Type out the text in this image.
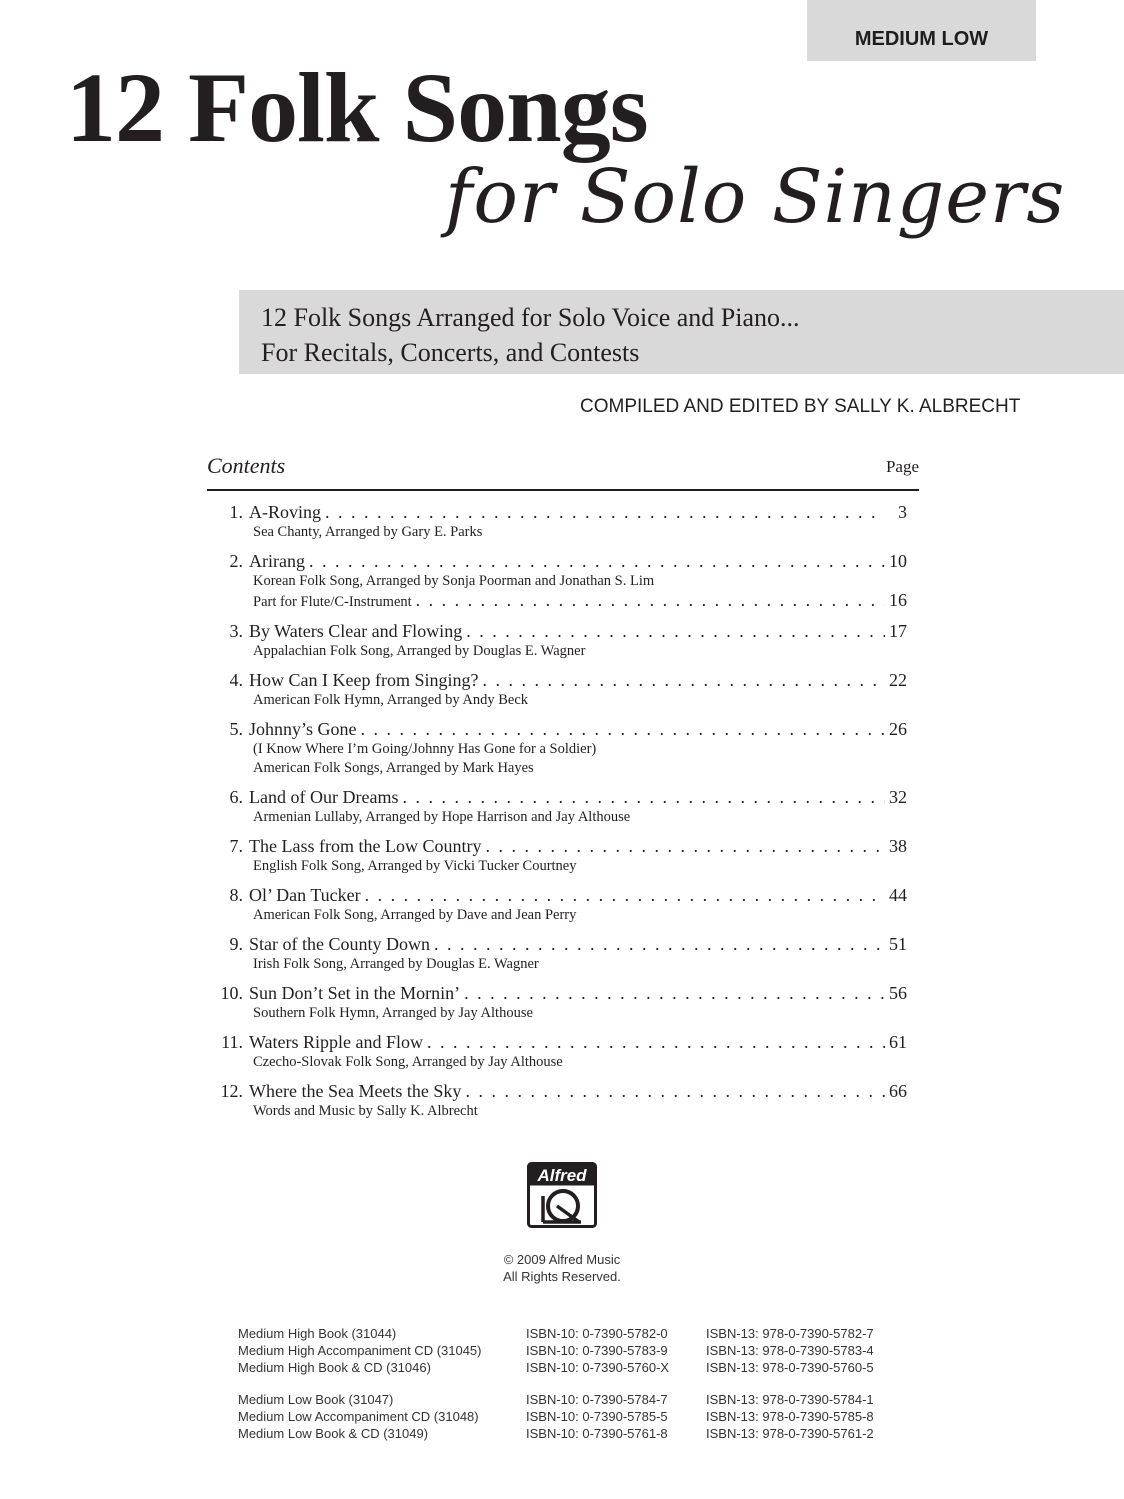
MEDIUM LOW
12 Folk Songs
for Solo Singers
12 Folk Songs Arranged for Solo Voice and Piano...
For Recitals, Concerts, and Contests
COMPILED AND EDITED BY SALLY K. ALBRECHT
Contents	Page
1. A-Roving . . .	3
Sea Chanty, Arranged by Gary E. Parks
2. Arirang . . .	10
Korean Folk Song, Arranged by Sonja Poorman and Jonathan S. Lim
Part for Flute/C-Instrument . . .	16
3. By Waters Clear and Flowing . . .	17
Appalachian Folk Song, Arranged by Douglas E. Wagner
4. How Can I Keep from Singing? . . .	22
American Folk Hymn, Arranged by Andy Beck
5. Johnny’s Gone . . .	26
(I Know Where I’m Going/Johnny Has Gone for a Soldier)
American Folk Songs, Arranged by Mark Hayes
6. Land of Our Dreams . . .	32
Armenian Lullaby, Arranged by Hope Harrison and Jay Althouse
7. The Lass from the Low Country . . .	38
English Folk Song, Arranged by Vicki Tucker Courtney
8. Ol’ Dan Tucker . . .	44
American Folk Song, Arranged by Dave and Jean Perry
9. Star of the County Down . . .	51
Irish Folk Song, Arranged by Douglas E. Wagner
10. Sun Don’t Set in the Mornin’ . . .	56
Southern Folk Hymn, Arranged by Jay Althouse
11. Waters Ripple and Flow . . .	61
Czecho-Slovak Folk Song, Arranged by Jay Althouse
12. Where the Sea Meets the Sky . . .	66
Words and Music by Sally K. Albrecht
Alfred
© 2009 Alfred Music
All Rights Reserved.
Medium High Book (31044)	ISBN-10: 0-7390-5782-0	ISBN-13: 978-0-7390-5782-7
Medium High Accompaniment CD (31045)	ISBN-10: 0-7390-5783-9	ISBN-13: 978-0-7390-5783-4
Medium High Book & CD (31046)	ISBN-10: 0-7390-5760-X	ISBN-13: 978-0-7390-5760-5
Medium Low Book (31047)	ISBN-10: 0-7390-5784-7	ISBN-13: 978-0-7390-5784-1
Medium Low Accompaniment CD (31048)	ISBN-10: 0-7390-5785-5	ISBN-13: 978-0-7390-5785-8
Medium Low Book & CD (31049)	ISBN-10: 0-7390-5761-8	ISBN-13: 978-0-7390-5761-2
